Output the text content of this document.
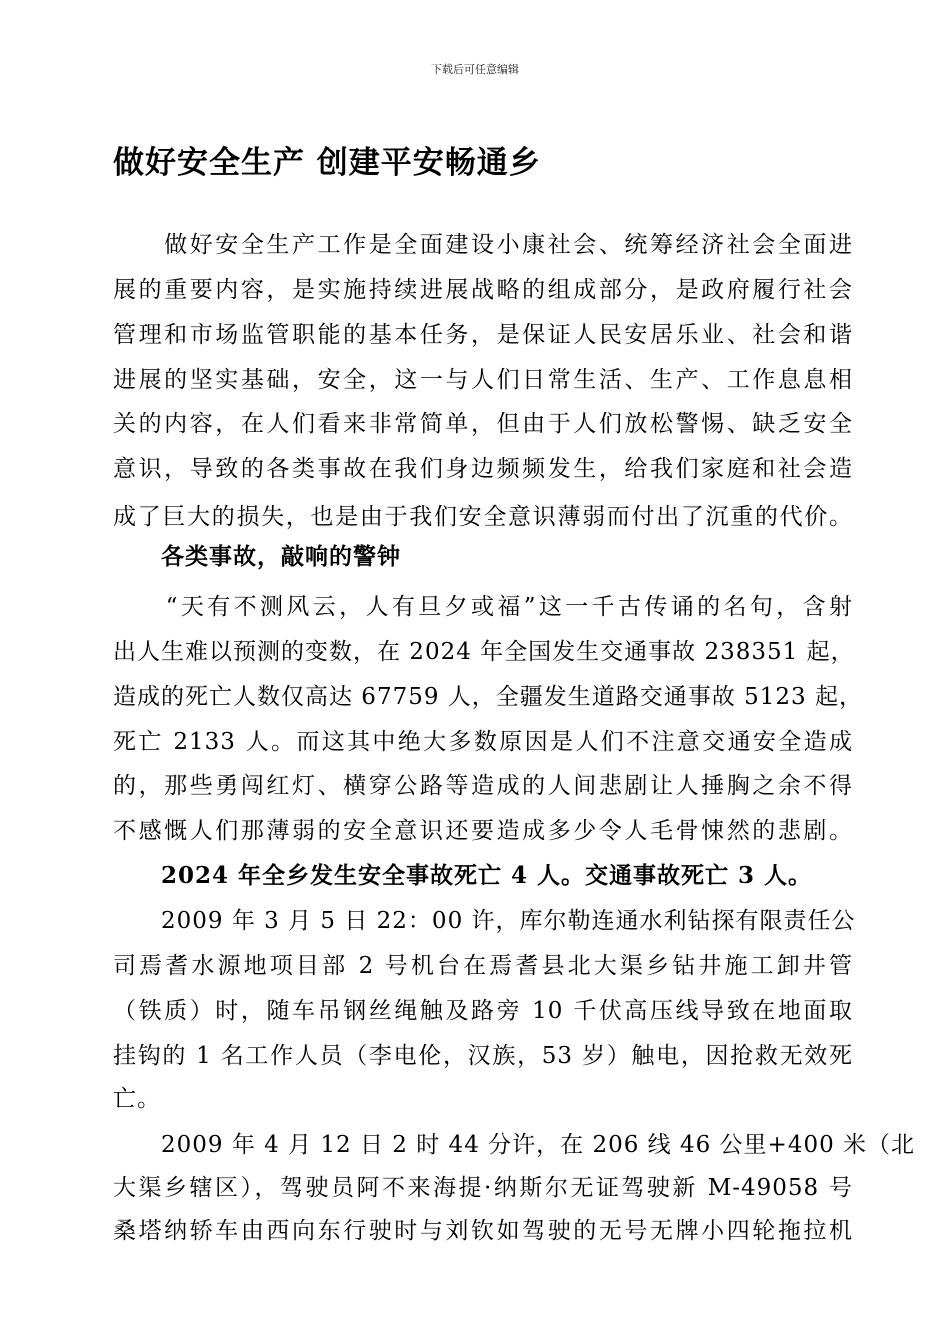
下载后可任意编辑
做好安全生产 创建平安畅通乡
　　做好安全生产工作是全面建设小康社会、统筹经济社会全面进
展的重要内容，是实施持续进展战略的组成部分，是政府履行社会
管理和市场监管职能的基本任务，是保证人民安居乐业、社会和谐
进展的坚实基础，安全，这一与人们日常生活、生产、工作息息相
关的内容，在人们看来非常简单，但由于人们放松警惕、缺乏安全
意识，导致的各类事故在我们身边频频发生，给我们家庭和社会造
成了巨大的损失，也是由于我们安全意识薄弱而付出了沉重的代价。
　　各类事故，敲响的警钟
　　“天有不测风云，人有旦夕或福”这一千古传诵的名句，含射
出人生难以预测的变数，在 2024 年全国发生交通事故 238351 起，
造成的死亡人数仅高达 67759 人，全疆发生道路交通事故 5123 起，
死亡 2133 人。而这其中绝大多数原因是人们不注意交通安全造成
的，那些勇闯红灯、横穿公路等造成的人间悲剧让人捶胸之余不得
不感慨人们那薄弱的安全意识还要造成多少令人毛骨悚然的悲剧。
　　2024 年全乡发生安全事故死亡 4 人。交通事故死亡 3 人。
　　2009 年 3 月 5 日 22：00 许，库尔勒连通水利钻探有限责任公
司焉耆水源地项目部 2 号机台在焉耆县北大渠乡钻井施工卸井管
（铁质）时，随车吊钢丝绳触及路旁 10 千伏高压线导致在地面取
挂钩的 1 名工作人员（李电伦，汉族，53 岁）触电，因抢救无效死
亡。
　　2009 年 4 月 12 日 2 时 44 分许，在 206 线 46 公里+400 米（北
大渠乡辖区），驾驶员阿不来海提·纳斯尔无证驾驶新 M-49058 号
桑塔纳轿车由西向东行驶时与刘钦如驾驶的无号无牌小四轮拖拉机
